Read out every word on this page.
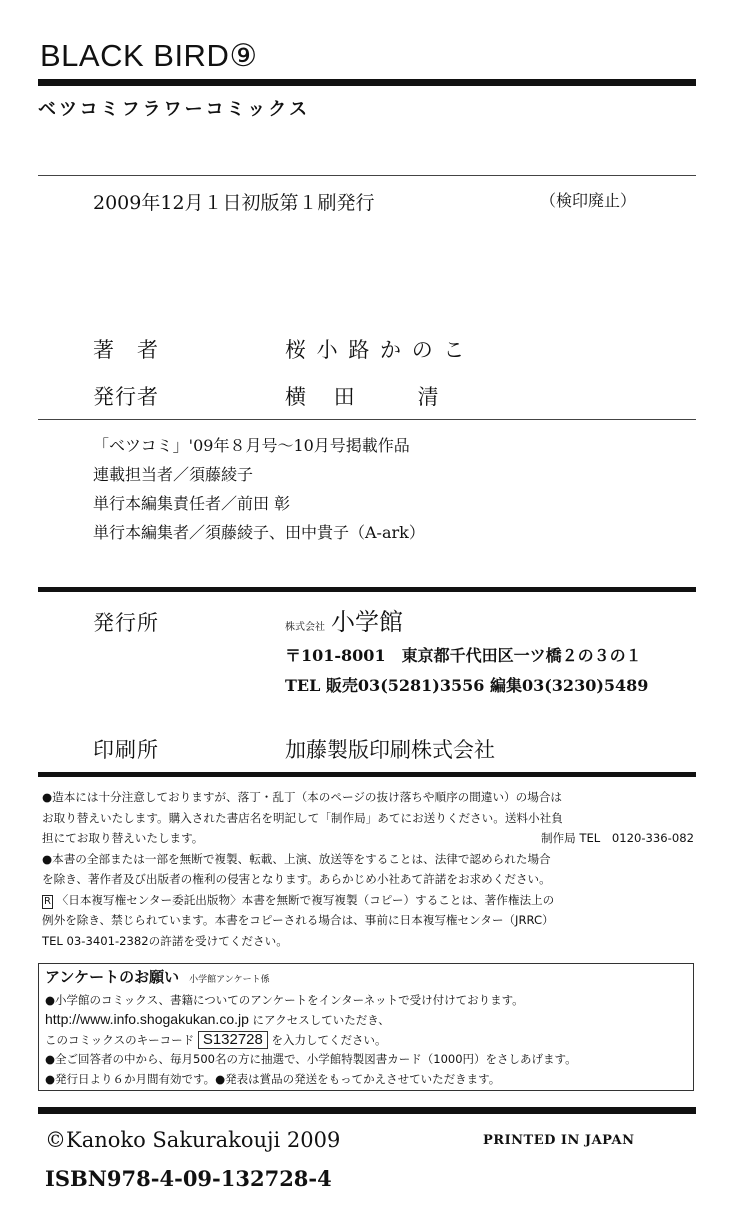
BLACK BIRD⑨
ベツコミフラワーコミックス
2009年12月１日初版第１刷発行	（検印廃止）
著　者	桜 小 路 か の こ
発行者	横　 田　　　清
「ベツコミ」'09年８月号〜10月号掲載作品
連載担当者／須藤綾子
単行本編集責任者／前田 彰
単行本編集者／須藤綾子、田中貴子（A-ark）
発行所	株式会社 小学館
〒101-8001　東京都千代田区一ツ橋２の３の１
TEL 販売03(5281)3556 編集03(3230)5489
印刷所	加藤製版印刷株式会社

●造本には十分注意しておりますが、落丁・乱丁（本のページの抜け落ちや順序の間違い）の場合は

お取り替えいたします。購入された書店名を明記して「制作局」あてにお送りください。送料小社負

担にてお取り替えいたします。	制作局 TEL　0120-336-082

●本書の全部または一部を無断で複製、転載、上演、放送等をすることは、法律で認められた場合

を除き、著作者及び出版者の権利の侵害となります。あらかじめ小社あて許諾をお求めください。

R 〈日本複写権センター委託出版物〉本書を無断で複写複製（コピー）することは、著作権法上の

例外を除き、禁じられています。本書をコピーされる場合は、事前に日本複写権センター（JRRC）

TEL 03-3401-2382の許諾を受けてください。

アンケートのお願い 小学館アンケート係

●小学館のコミックス、書籍についてのアンケートをインターネットで受け付けております。

http://www.info.shogakukan.co.jp にアクセスしていただき、

このコミックスのキーコード S132728 を入力してください。

●全ご回答者の中から、毎月500名の方に抽選で、小学館特製図書カード（1000円）をさしあげます。

●発行日より６か月間有効です。●発表は賞品の発送をもってかえさせていただきます。

©Kanoko Sakurakouji 2009	PRINTED IN JAPAN
ISBN978-4-09-132728-4
